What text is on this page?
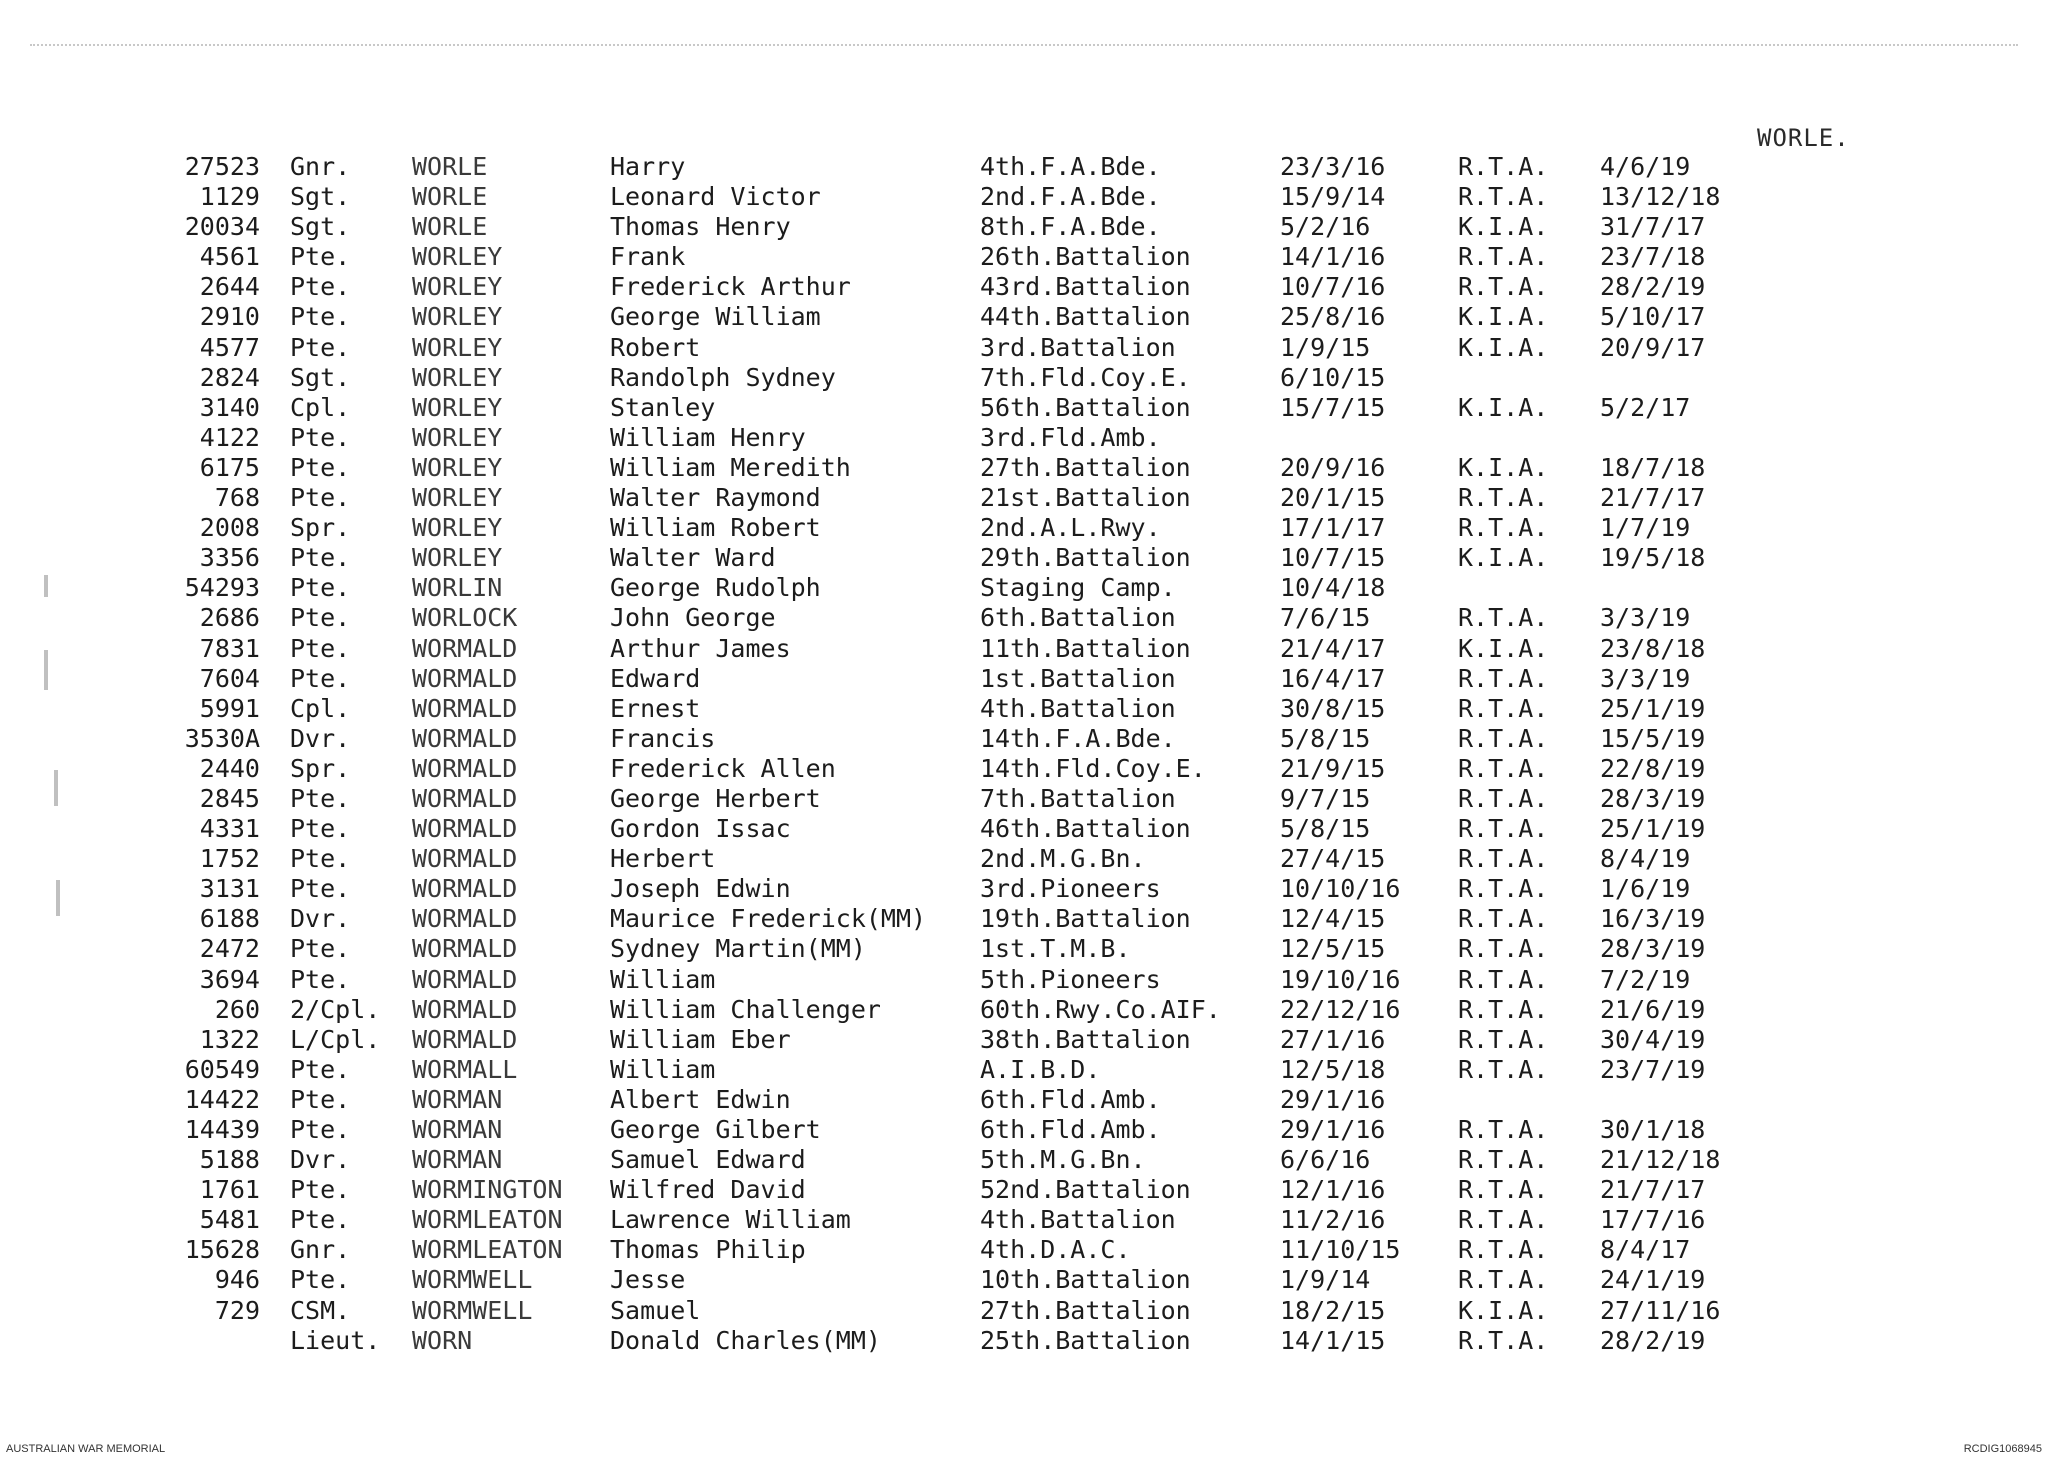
WORLE.
27523 Gnr. WORLE	Harry	4th.F.A.Bde.	23/3/16	R.T.A. 4/6/19
1129 Sgt. WORLE	Leonard Victor	2nd.F.A.Bde.	15/9/14	R.T.A. 13/12/18
20034 Sgt. WORLE	Thomas Henry	8th.F.A.Bde.	5/2/16	K.I.A. 31/7/17
4561 Pte. WORLEY	Frank	26th.Battalion	14/1/16	R.T.A. 23/7/18
2644 Pte. WORLEY	Frederick Arthur	43rd.Battalion	10/7/16	R.T.A. 28/2/19
2910 Pte. WORLEY	George William	44th.Battalion	25/8/16	K.I.A. 5/10/17
4577 Pte. WORLEY	Robert	3rd.Battalion	1/9/15	K.I.A. 20/9/17
2824 Sgt. WORLEY	Randolph Sydney	7th.Fld.Coy.E.	6/10/15
3140 Cpl. WORLEY	Stanley	56th.Battalion	15/7/15	K.I.A. 5/2/17
4122 Pte. WORLEY	William Henry	3rd.Fld.Amb.
6175 Pte. WORLEY	William Meredith	27th.Battalion	20/9/16	K.I.A. 18/7/18
768 Pte. WORLEY	Walter Raymond	21st.Battalion	20/1/15	R.T.A. 21/7/17
2008 Spr. WORLEY	William Robert	2nd.A.L.Rwy.	17/1/17	R.T.A. 1/7/19
3356 Pte. WORLEY	Walter Ward	29th.Battalion	10/7/15	K.I.A. 19/5/18
54293 Pte. WORLIN	George Rudolph	Staging Camp.	10/4/18
2686 Pte. WORLOCK	John George	6th.Battalion	7/6/15	R.T.A. 3/3/19
7831 Pte. WORMALD	Arthur James	11th.Battalion	21/4/17	K.I.A. 23/8/18
7604 Pte. WORMALD	Edward	1st.Battalion	16/4/17	R.T.A. 3/3/19
5991 Cpl. WORMALD	Ernest	4th.Battalion	30/8/15	R.T.A. 25/1/19
3530A Dvr. WORMALD	Francis	14th.F.A.Bde.	5/8/15	R.T.A. 15/5/19
2440 Spr. WORMALD	Frederick Allen	14th.Fld.Coy.E.	21/9/15	R.T.A. 22/8/19
2845 Pte. WORMALD	George Herbert	7th.Battalion	9/7/15	R.T.A. 28/3/19
4331 Pte. WORMALD	Gordon Issac	46th.Battalion	5/8/15	R.T.A. 25/1/19
1752 Pte. WORMALD	Herbert	2nd.M.G.Bn.	27/4/15	R.T.A. 8/4/19
3131 Pte. WORMALD	Joseph Edwin	3rd.Pioneers	10/10/16 R.T.A. 1/6/19
6188 Dvr. WORMALD	Maurice Frederick(MM) 19th.Battalion	12/4/15	R.T.A. 16/3/19
2472 Pte. WORMALD	Sydney Martin(MM)	1st.T.M.B.	12/5/15	R.T.A. 28/3/19
3694 Pte. WORMALD	William	5th.Pioneers	19/10/16 R.T.A. 7/2/19
260 2/Cpl. WORMALD	William Challenger	60th.Rwy.Co.AIF. 22/12/16 R.T.A. 21/6/19
1322 L/Cpl. WORMALD	William Eber	38th.Battalion	27/1/16	R.T.A. 30/4/19
60549 Pte. WORMALL	William	A.I.B.D.	12/5/18	R.T.A. 23/7/19
14422 Pte. WORMAN	Albert Edwin	6th.Fld.Amb.	29/1/16
14439 Pte. WORMAN	George Gilbert	6th.Fld.Amb.	29/1/16	R.T.A. 30/1/18
5188 Dvr. WORMAN	Samuel Edward	5th.M.G.Bn.	6/6/16	R.T.A. 21/12/18
1761 Pte. WORMINGTON Wilfred David	52nd.Battalion	12/1/16	R.T.A. 21/7/17
5481 Pte. WORMLEATON Lawrence William	4th.Battalion	11/2/16	R.T.A. 17/7/16
15628 Gnr. WORMLEATON Thomas Philip	4th.D.A.C.	11/10/15 R.T.A. 8/4/17
946 Pte. WORMWELL	Jesse	10th.Battalion	1/9/14	R.T.A. 24/1/19
729 CSM. WORMWELL	Samuel	27th.Battalion	18/2/15	K.I.A. 27/11/16
Lieut. WORN	Donald Charles(MM)	25th.Battalion	14/1/15	R.T.A. 28/2/19
AUSTRALIAN WAR MEMORIAL	RCDIG1068945
